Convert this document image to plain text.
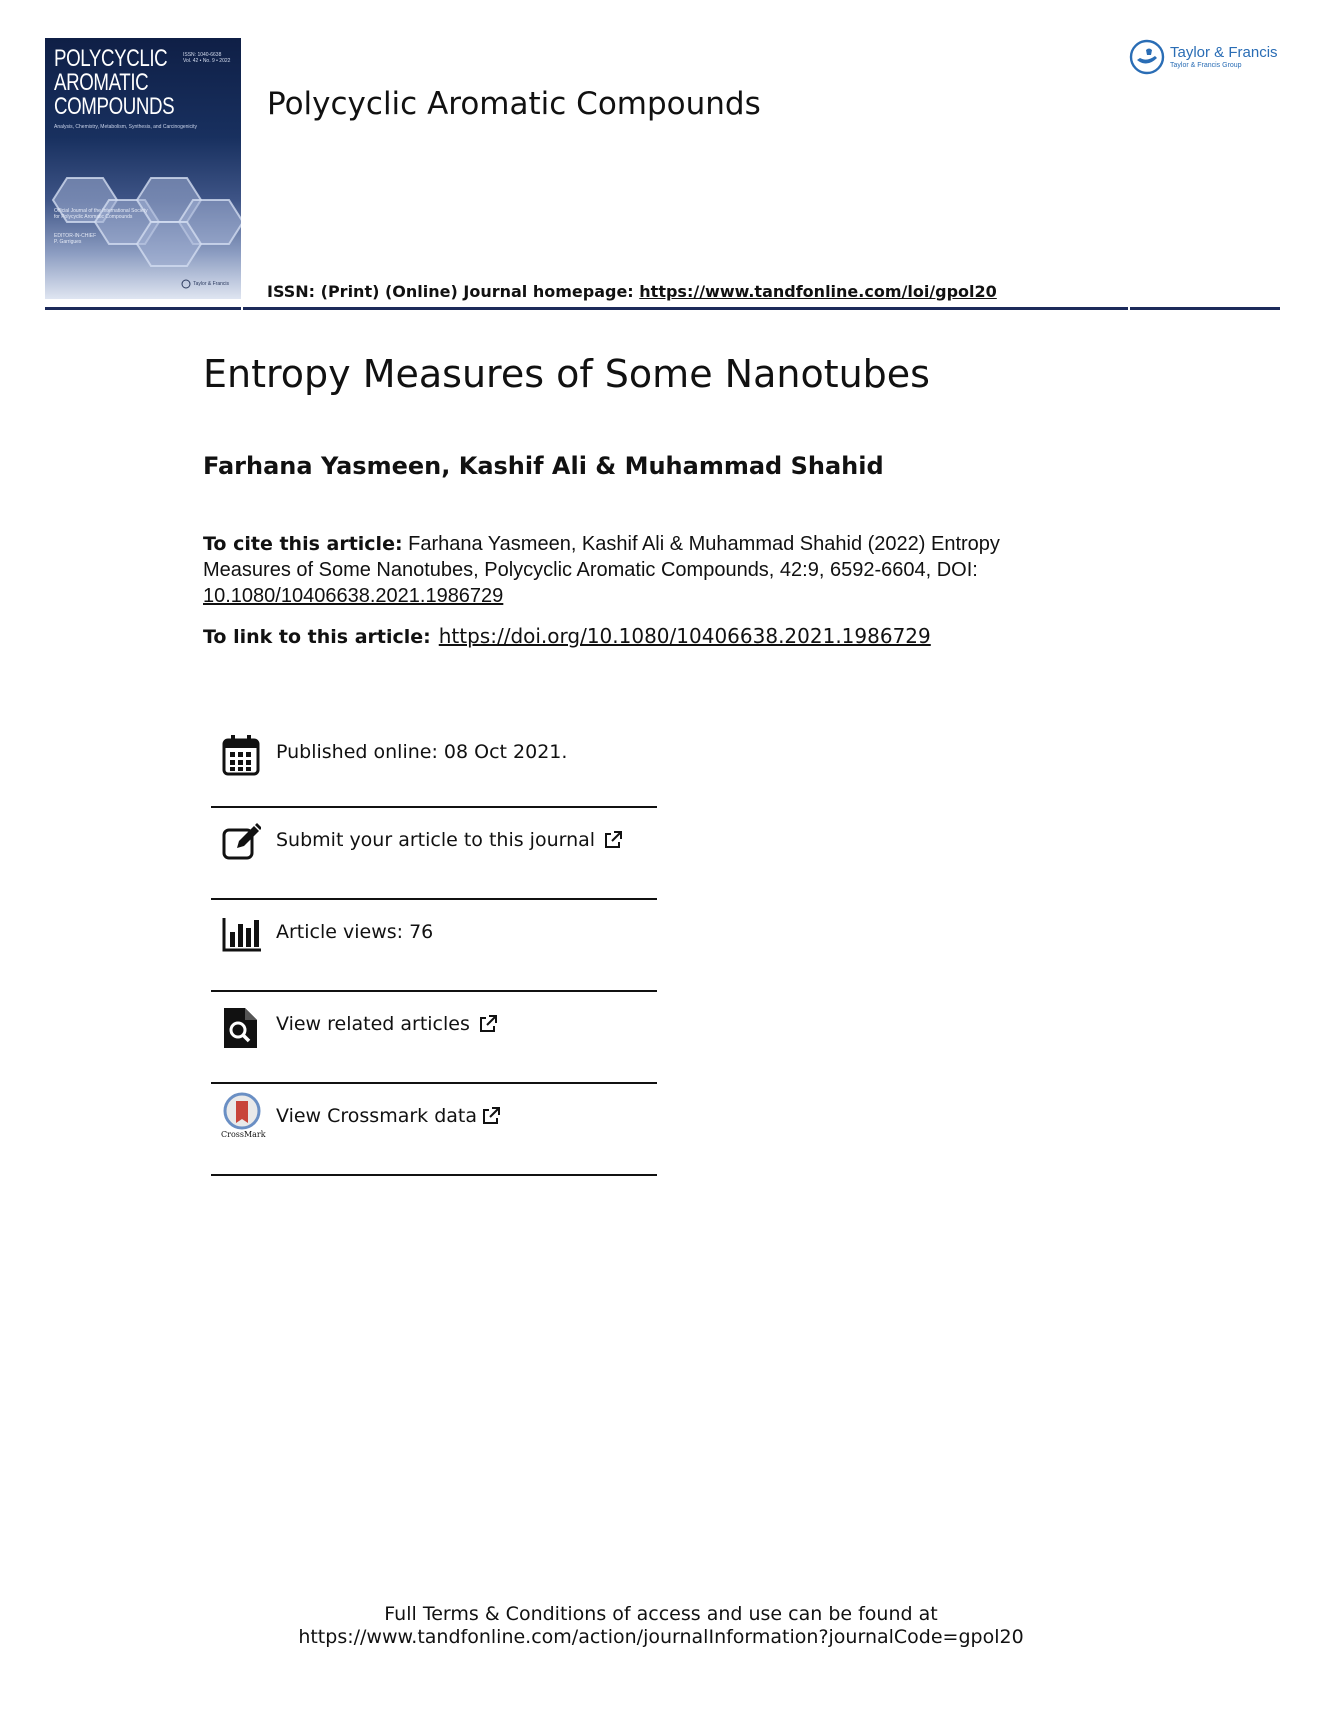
POLYCYCLIC
AROMATIC
COMPOUNDS
ISSN: 1040-6638
Vol. 42 • No. 9 • 2022
Analysis, Chemistry, Metabolism, Synthesis, and Carcinogenicity
Official Journal of the International Society for Polycyclic Aromatic Compounds
EDITOR-IN-CHIEF
P. Garrigues
Taylor & Francis
Polycyclic Aromatic Compounds
Taylor & Francis
Taylor & Francis Group
ISSN: (Print) (Online) Journal homepage: https://www.tandfonline.com/loi/gpol20
Entropy Measures of Some Nanotubes
Farhana Yasmeen, Kashif Ali & Muhammad Shahid
To cite this article: Farhana Yasmeen, Kashif Ali & Muhammad Shahid (2022) Entropy Measures of Some Nanotubes, Polycyclic Aromatic Compounds, 42:9, 6592-6604, DOI: 10.1080/10406638.2021.1986729
To link to this article: https://doi.org/10.1080/10406638.2021.1986729
Published online: 08 Oct 2021.
Submit your article to this journal
Article views: 76
View related articles
CrossMark
View Crossmark data
Full Terms & Conditions of access and use can be found at
https://www.tandfonline.com/action/journalInformation?journalCode=gpol20
